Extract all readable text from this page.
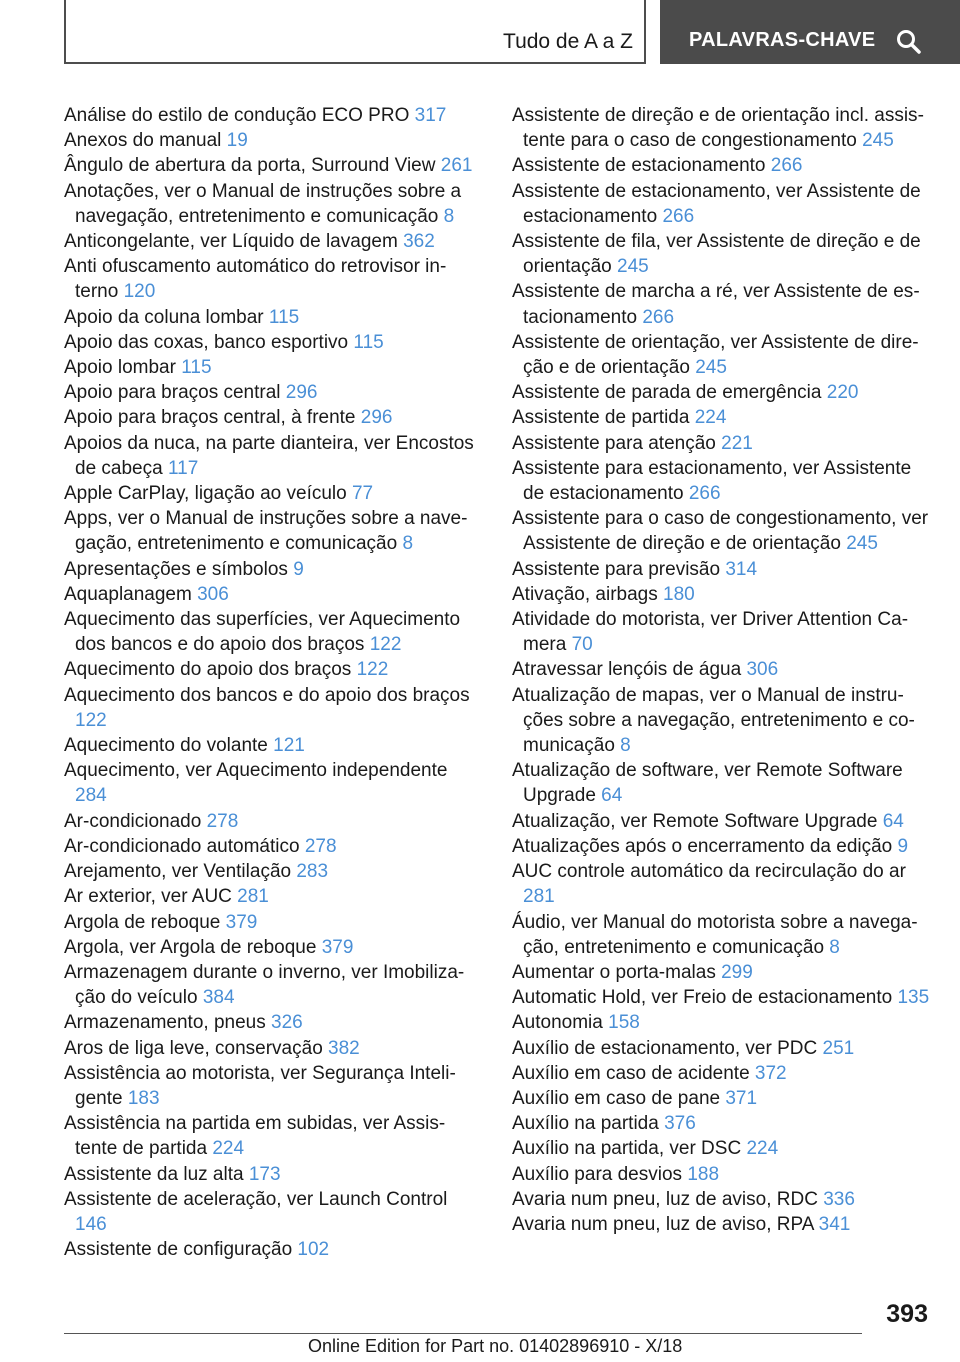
Tudo de A a Z	PALAVRAS-CHAVE
Análise do estilo de condução ECO PRO 317
Anexos do manual 19
Ângulo de abertura da porta, Surround View 261
Anotações, ver o Manual de instruções sobre a navegação, entretenimento e comunicação 8
Anticongelante, ver Líquido de lavagem 362
Anti ofuscamento automático do retrovisor interno 120
Apoio da coluna lombar 115
Apoio das coxas, banco esportivo 115
Apoio lombar 115
Apoio para braços central 296
Apoio para braços central, à frente 296
Apoios da nuca, na parte dianteira, ver Encostos de cabeça 117
Apple CarPlay, ligação ao veículo 77
Apps, ver o Manual de instruções sobre a navegação, entretenimento e comunicação 8
Apresentações e símbolos 9
Aquaplanagem 306
Aquecimento das superfícies, ver Aquecimento dos bancos e do apoio dos braços 122
Aquecimento do apoio dos braços 122
Aquecimento dos bancos e do apoio dos braços 122
Aquecimento do volante 121
Aquecimento, ver Aquecimento independente 284
Ar-condicionado 278
Ar-condicionado automático 278
Arejamento, ver Ventilação 283
Ar exterior, ver AUC 281
Argola de reboque 379
Argola, ver Argola de reboque 379
Armazenagem durante o inverno, ver Imobilização do veículo 384
Armazenamento, pneus 326
Aros de liga leve, conservação 382
Assistência ao motorista, ver Segurança Inteligente 183
Assistência na partida em subidas, ver Assistente de partida 224
Assistente da luz alta 173
Assistente de aceleração, ver Launch Control 146
Assistente de configuração 102
Assistente de direção e de orientação incl. assistente para o caso de congestionamento 245
Assistente de estacionamento 266
Assistente de estacionamento, ver Assistente de estacionamento 266
Assistente de fila, ver Assistente de direção e de orientação 245
Assistente de marcha a ré, ver Assistente de estacionamento 266
Assistente de orientação, ver Assistente de direção e de orientação 245
Assistente de parada de emergência 220
Assistente de partida 224
Assistente para atenção 221
Assistente para estacionamento, ver Assistente de estacionamento 266
Assistente para o caso de congestionamento, ver Assistente de direção e de orientação 245
Assistente para previsão 314
Ativação, airbags 180
Atividade do motorista, ver Driver Attention Camera 70
Atravessar lençóis de água 306
Atualização de mapas, ver o Manual de instruções sobre a navegação, entretenimento e comunicação 8
Atualização de software, ver Remote Software Upgrade 64
Atualização, ver Remote Software Upgrade 64
Atualizações após o encerramento da edição 9
AUC controle automático da recirculação do ar 281
Áudio, ver Manual do motorista sobre a navegação, entretenimento e comunicação 8
Aumentar o porta-malas 299
Automatic Hold, ver Freio de estacionamento 135
Autonomia 158
Auxílio de estacionamento, ver PDC 251
Auxílio em caso de acidente 372
Auxílio em caso de pane 371
Auxílio na partida 376
Auxílio na partida, ver DSC 224
Auxílio para desvios 188
Avaria num pneu, luz de aviso, RDC 336
Avaria num pneu, luz de aviso, RPA 341
393
Online Edition for Part no. 01402896910 - X/18
